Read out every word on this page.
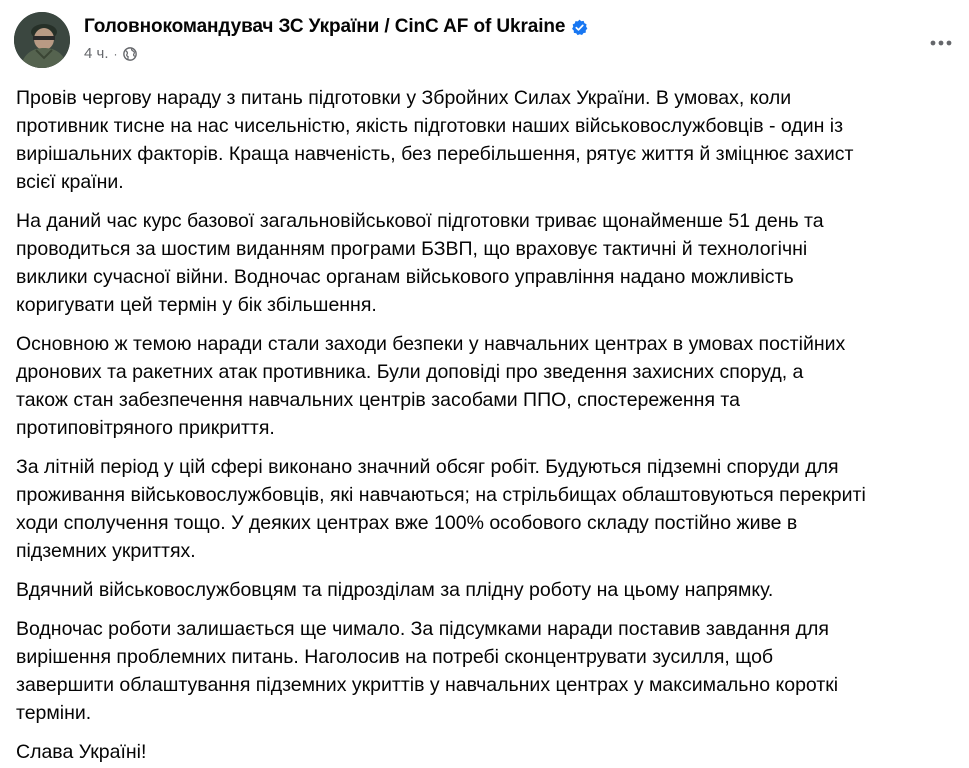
Головнокомандувач ЗС України / CinC AF of Ukraine
4 ч. ·

Провів чергову нараду з питань підготовки у Збройних Силах України. В умовах, коли
противник тисне на нас чисельністю, якість підготовки наших військовослужбовців - один із
вирішальних факторів. Краща навченість, без перебільшення, рятує життя й зміцнює захист
всієї країни.

На даний час курс базової загальновійськової підготовки триває щонайменше 51 день та
проводиться за шостим виданням програми БЗВП, що враховує тактичні й технологічні
виклики сучасної війни. Водночас органам військового управління надано можливість
коригувати цей термін у бік збільшення.

Основною ж темою наради стали заходи безпеки у навчальних центрах в умовах постійних
дронових та ракетних атак противника. Були доповіді про зведення захисних споруд, а
також стан забезпечення навчальних центрів засобами ППО, спостереження та
протиповітряного прикриття.

За літній період у цій сфері виконано значний обсяг робіт. Будуються підземні споруди для
проживання військовослужбовців, які навчаються; на стрільбищах облаштовуються перекриті
ходи сполучення тощо. У деяких центрах вже 100% особового складу постійно живе в
підземних укриттях.

Вдячний військовослужбовцям та підрозділам за плідну роботу на цьому напрямку.

Водночас роботи залишається ще чимало. За підсумками наради поставив завдання для
вирішення проблемних питань. Наголосив на потребі сконцентрувати зусилля, щоб
завершити облаштування підземних укриттів у навчальних центрах у максимально короткі
терміни.

Слава Україні!
